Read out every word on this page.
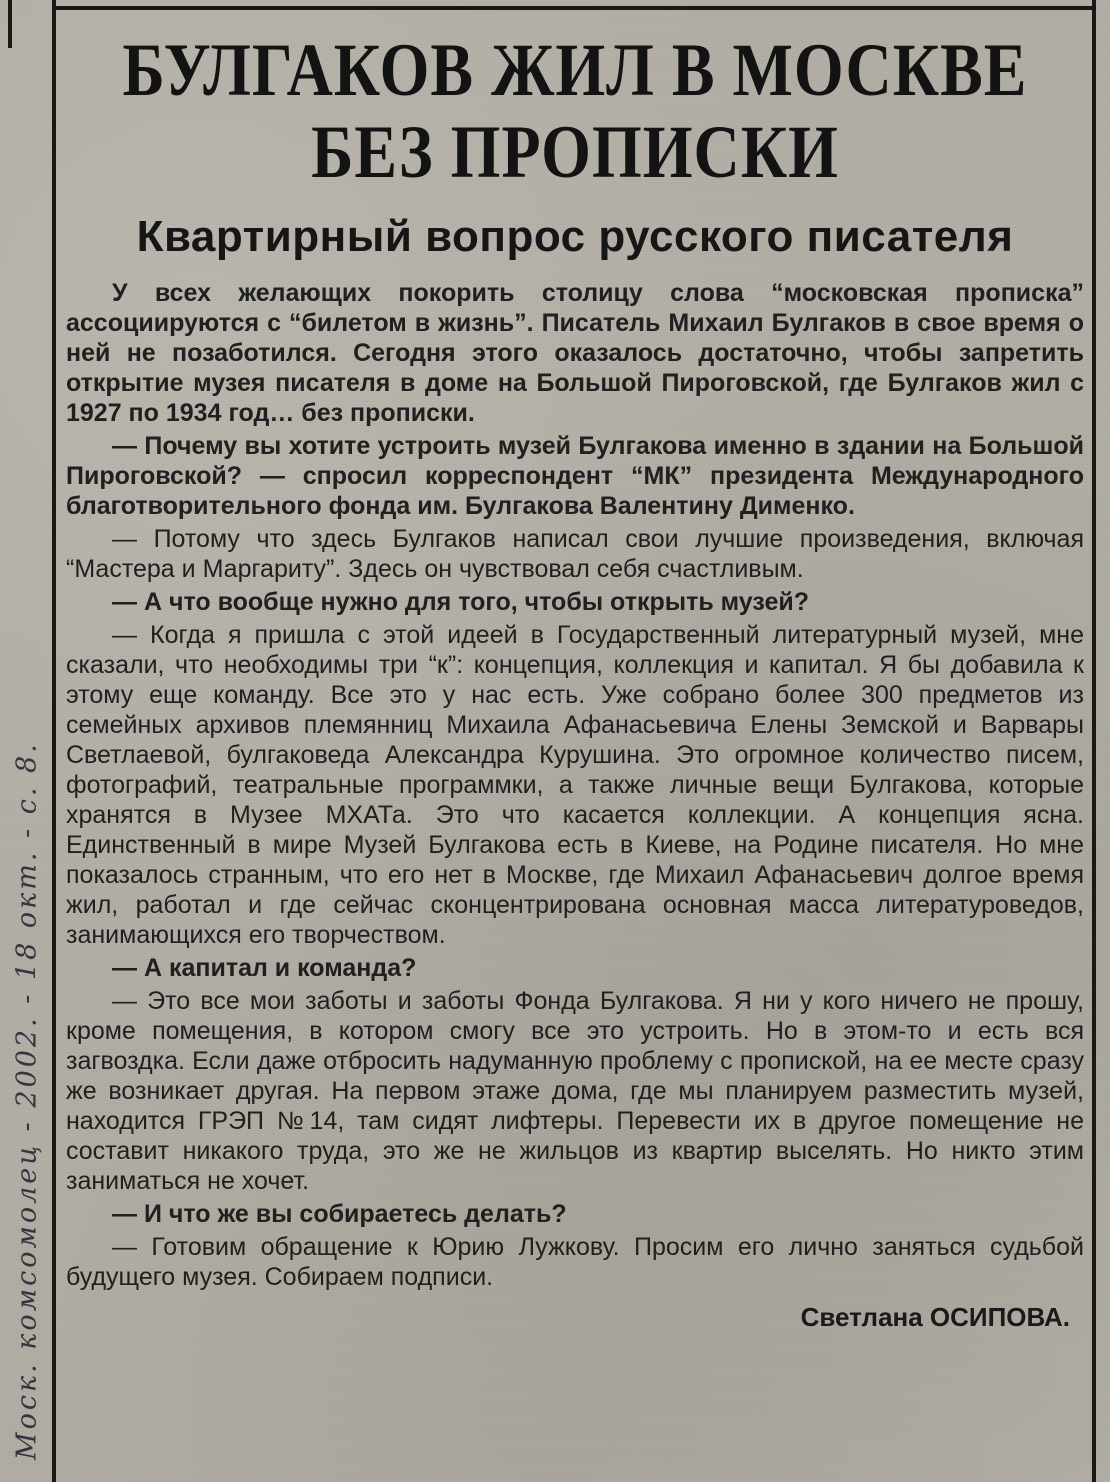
Моск. комсомолец - 2002. - 18 окт. - с. 8.
БУЛГАКОВ ЖИЛ В МОСКВЕ
БЕЗ ПРОПИСКИ
Квартирный вопрос русского писателя

У всех желающих покорить столицу слова “московская прописка” ассоциируются с “билетом в жизнь”. Писатель Михаил Булгаков в свое время о ней не позаботился. Сегодня этого оказалось достаточно, чтобы запретить открытие музея писателя в доме на Большой Пироговской, где Булгаков жил с 1927 по 1934 год… без прописки.

— Почему вы хотите устроить музей Булгакова именно в здании на Большой Пироговской? — спросил корреспондент “МК” президента Международного благотворительного фонда им. Булгакова Валентину Дименко.

— Потому что здесь Булгаков написал свои лучшие произведения, включая “Мастера и Маргариту”. Здесь он чувствовал себя счастливым.

— А что вообще нужно для того, чтобы открыть музей?

— Когда я пришла с этой идеей в Государственный литературный музей, мне сказали, что необходимы три “к”: концепция, коллекция и капитал. Я бы добавила к этому еще команду. Все это у нас есть. Уже собрано более 300 предметов из семейных архивов племянниц Михаила Афанасьевича Елены Земской и Варвары Светлаевой, булгаковеда Александра Курушина. Это огромное количество писем, фотографий, театральные программки, а также личные вещи Булгакова, которые хранятся в Музее МХАТа. Это что касается коллекции. А концепция ясна. Единственный в мире Музей Булгакова есть в Киеве, на Родине писателя. Но мне показалось странным, что его нет в Москве, где Михаил Афанасьевич долгое время жил, работал и где сейчас сконцентрирована основная масса литературоведов, занимающихся его творчеством.

— А капитал и команда?

— Это все мои заботы и заботы Фонда Булгакова. Я ни у кого ничего не прошу, кроме помещения, в котором смогу все это устроить. Но в этом-то и есть вся загвоздка. Если даже отбросить надуманную проблему с пропиской, на ее месте сразу же возникает другая. На первом этаже дома, где мы планируем разместить музей, находится ГРЭП №14, там сидят лифтеры. Перевести их в другое помещение не составит никакого труда, это же не жильцов из квартир выселять. Но никто этим заниматься не хочет.

— И что же вы собираетесь делать?

— Готовим обращение к Юрию Лужкову. Просим его лично заняться судьбой будущего музея. Собираем подписи.

Светлана ОСИПОВА.
